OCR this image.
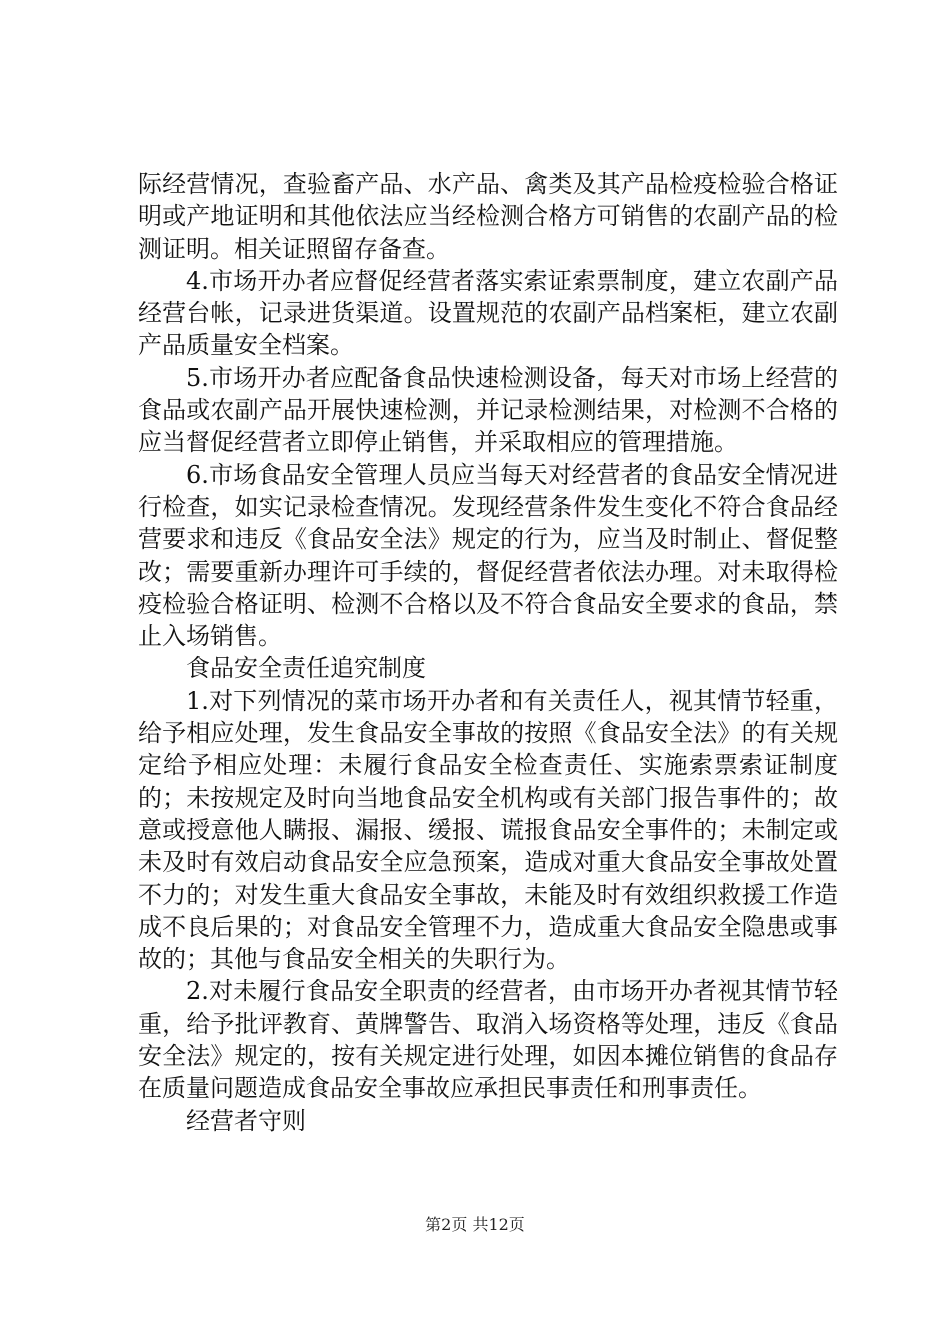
际经营情况，查验畜产品、水产品、禽类及其产品检疫检验合格证明或产地证明和其他依法应当经检测合格方可销售的农副产品的检测证明。相关证照留存备查。

4.市场开办者应督促经营者落实索证索票制度，建立农副产品经营台帐，记录进货渠道。设置规范的农副产品档案柜，建立农副产品质量安全档案。

5.市场开办者应配备食品快速检测设备，每天对市场上经营的食品或农副产品开展快速检测，并记录检测结果，对检测不合格的应当督促经营者立即停止销售，并采取相应的管理措施。

6.市场食品安全管理人员应当每天对经营者的食品安全情况进行检查，如实记录检查情况。发现经营条件发生变化不符合食品经营要求和违反《食品安全法》规定的行为，应当及时制止、督促整改；需要重新办理许可手续的，督促经营者依法办理。对未取得检疫检验合格证明、检测不合格以及不符合食品安全要求的食品，禁止入场销售。

食品安全责任追究制度

1.对下列情况的菜市场开办者和有关责任人，视其情节轻重，给予相应处理，发生食品安全事故的按照《食品安全法》的有关规定给予相应处理：未履行食品安全检查责任、实施索票索证制度的；未按规定及时向当地食品安全机构或有关部门报告事件的；故意或授意他人瞒报、漏报、缓报、谎报食品安全事件的；未制定或未及时有效启动食品安全应急预案，造成对重大食品安全事故处置不力的；对发生重大食品安全事故，未能及时有效组织救援工作造成不良后果的；对食品安全管理不力，造成重大食品安全隐患或事故的；其他与食品安全相关的失职行为。

2.对未履行食品安全职责的经营者，由市场开办者视其情节轻重，给予批评教育、黄牌警告、取消入场资格等处理，违反《食品安全法》规定的，按有关规定进行处理，如因本摊位销售的食品存在质量问题造成食品安全事故应承担民事责任和刑事责任。

经营者守则

第2页 共12页
